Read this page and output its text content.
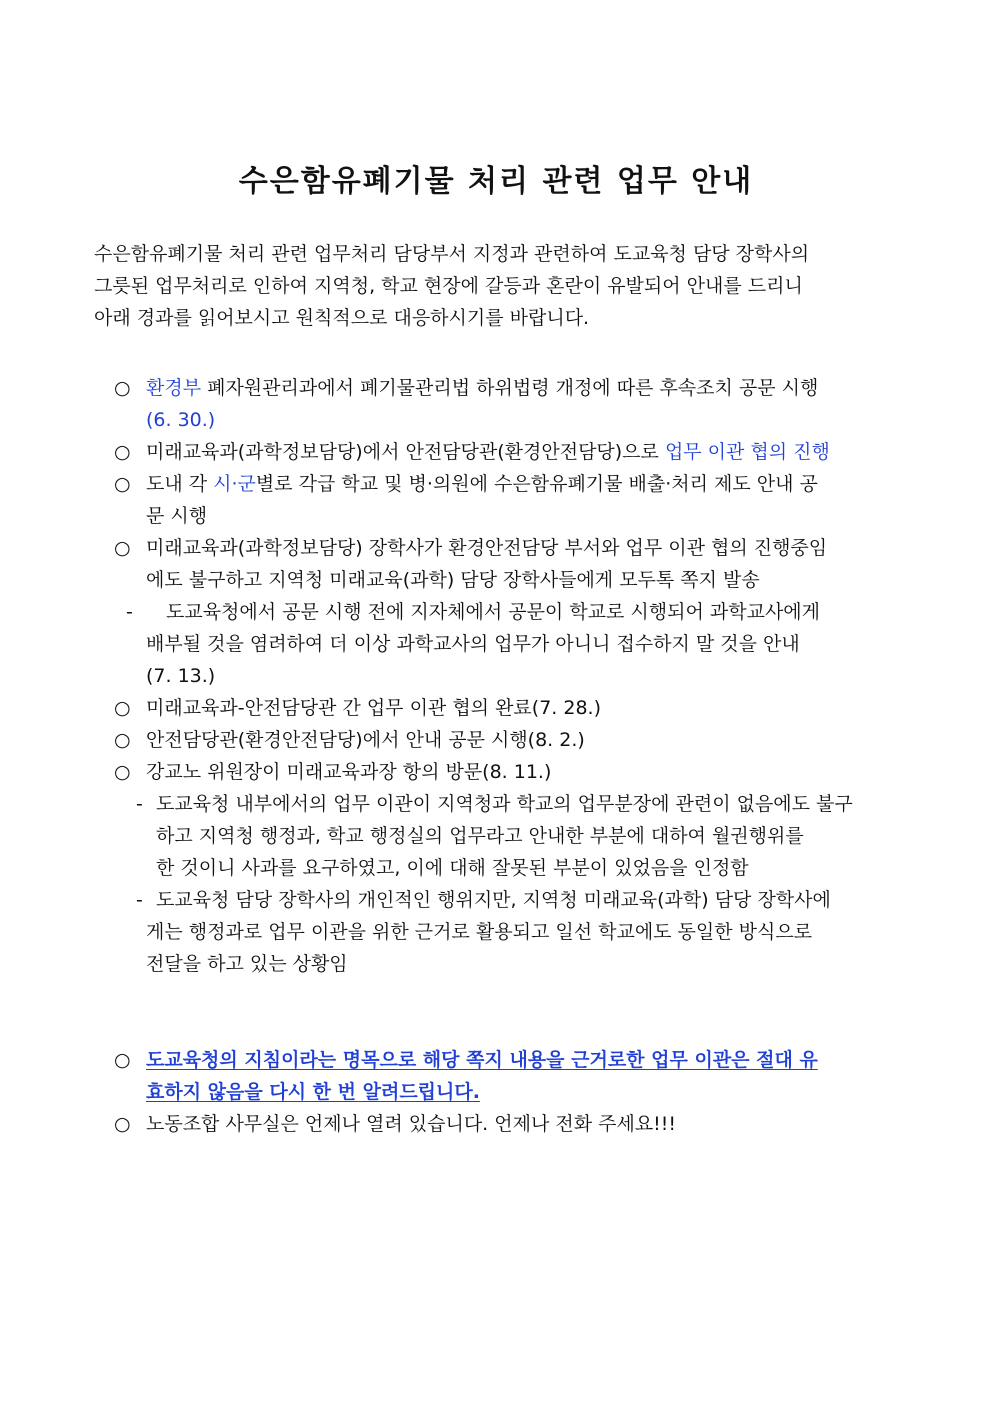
수은함유폐기물 처리 관련 업무 안내
수은함유폐기물 처리 관련 업무처리 담당부서 지정과 관련하여 도교육청 담당 장학사의
그릇된 업무처리로 인하여 지역청, 학교 현장에 갈등과 혼란이 유발되어 안내를 드리니
아래 경과를 읽어보시고 원칙적으로 대응하시기를 바랍니다.
○ 환경부 폐자원관리과에서 폐기물관리법 하위법령 개정에 따른 후속조치 공문 시행
(6. 30.)
○ 미래교육과(과학정보담당)에서 안전담당관(환경안전담당)으로 업무 이관 협의 진행
○ 도내 각 시·군별로 각급 학교 및 병·의원에 수은함유폐기물 배출·처리 제도 안내 공
문 시행
○ 미래교육과(과학정보담당) 장학사가 환경안전담당 부서와 업무 이관 협의 진행중임
에도 불구하고 지역청 미래교육(과학) 담당 장학사들에게 모두톡 쪽지 발송
-	도교육청에서 공문 시행 전에 지자체에서 공문이 학교로 시행되어 과학교사에게
배부될 것을 염려하여 더 이상 과학교사의 업무가 아니니 접수하지 말 것을 안내
(7. 13.)
○ 미래교육과-안전담당관 간 업무 이관 협의 완료(7. 28.)
○ 안전담당관(환경안전담당)에서 안내 공문 시행(8. 2.)
○ 강교노 위원장이 미래교육과장 항의 방문(8. 11.)
- 도교육청 내부에서의 업무 이관이 지역청과 학교의 업무분장에 관련이 없음에도 불구
하고 지역청 행정과, 학교 행정실의 업무라고 안내한 부분에 대하여 월권행위를
한 것이니 사과를 요구하였고, 이에 대해 잘못된 부분이 있었음을 인정함
- 도교육청 담당 장학사의 개인적인 행위지만, 지역청 미래교육(과학) 담당 장학사에
게는 행정과로 업무 이관을 위한 근거로 활용되고 일선 학교에도 동일한 방식으로
전달을 하고 있는 상황임
○ 도교육청의 지침이라는 명목으로 해당 쪽지 내용을 근거로한 업무 이관은 절대 유
효하지 않음을 다시 한 번 알려드립니다.
○ 노동조합 사무실은 언제나 열려 있습니다. 언제나 전화 주세요!!!
